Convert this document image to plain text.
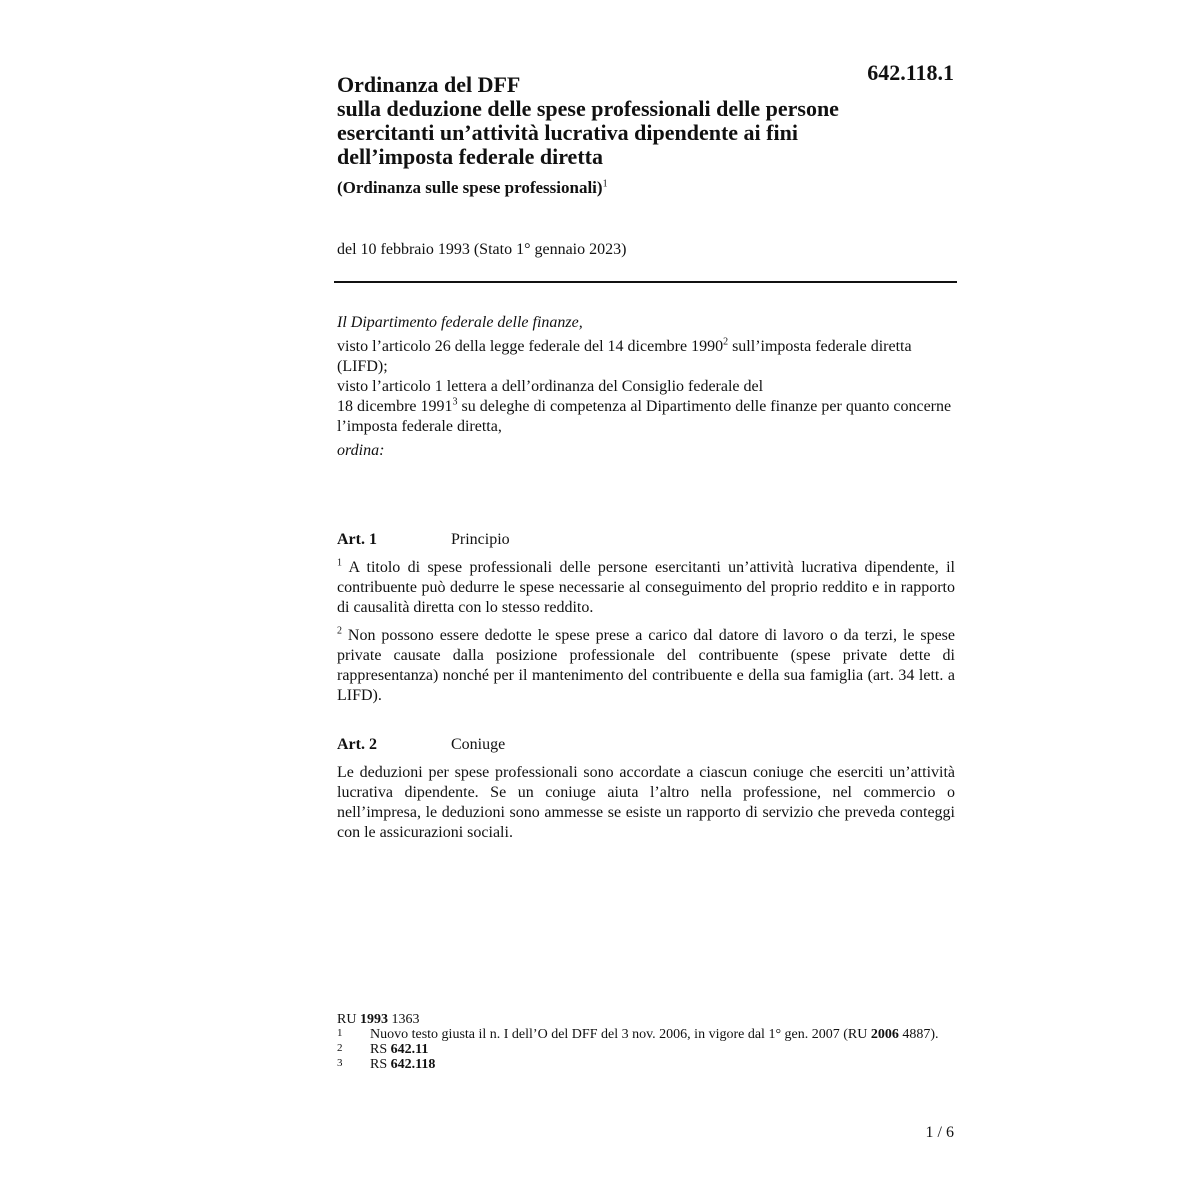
642.118.1
Ordinanza del DFF
sulla deduzione delle spese professionali delle persone
esercitanti un’attività lucrativa dipendente ai fini
dell’imposta federale diretta
(Ordinanza sulle spese professionali)$^1$
del 10 febbraio 1993 (Stato 1° gennaio 2023)

Il Dipartimento federale delle finanze,

visto l’articolo 26 della legge federale del 14 dicembre 1990$^2$ sull’imposta federale diretta (LIFD);

visto l’articolo 1 lettera a dell’ordinanza del Consiglio federale del
18 dicembre 1991$^3$ su deleghe di competenza al Dipartimento delle finanze per quanto concerne l’imposta federale diretta,

ordina:

Art. 1	Principio

$^1$ A titolo di spese professionali delle persone esercitanti un’attività lucrativa dipendente, il contribuente può dedurre le spese necessarie al conseguimento del proprio reddito e in rapporto di causalità diretta con lo stesso reddito.

$^2$ Non possono essere dedotte le spese prese a carico dal datore di lavoro o da terzi, le spese private causate dalla posizione professionale del contribuente (spese private dette di rappresentanza) nonché per il mantenimento del contribuente e della sua famiglia (art. 34 lett. a LIFD).

Art. 2	Coniuge

Le deduzioni per spese professionali sono accordate a ciascun coniuge che eserciti un’attività lucrativa dipendente. Se un coniuge aiuta l’altro nella professione, nel commercio o nell’impresa, le deduzioni sono ammesse se esiste un rapporto di servizio che preveda conteggi con le assicurazioni sociali.

RU 1993 1363
1	Nuovo testo giusta il n. I dell’O del DFF del 3 nov. 2006, in vigore dal 1° gen. 2007 (RU 2006 4887).
2	RS 642.11
3	RS 642.118
1 / 6
